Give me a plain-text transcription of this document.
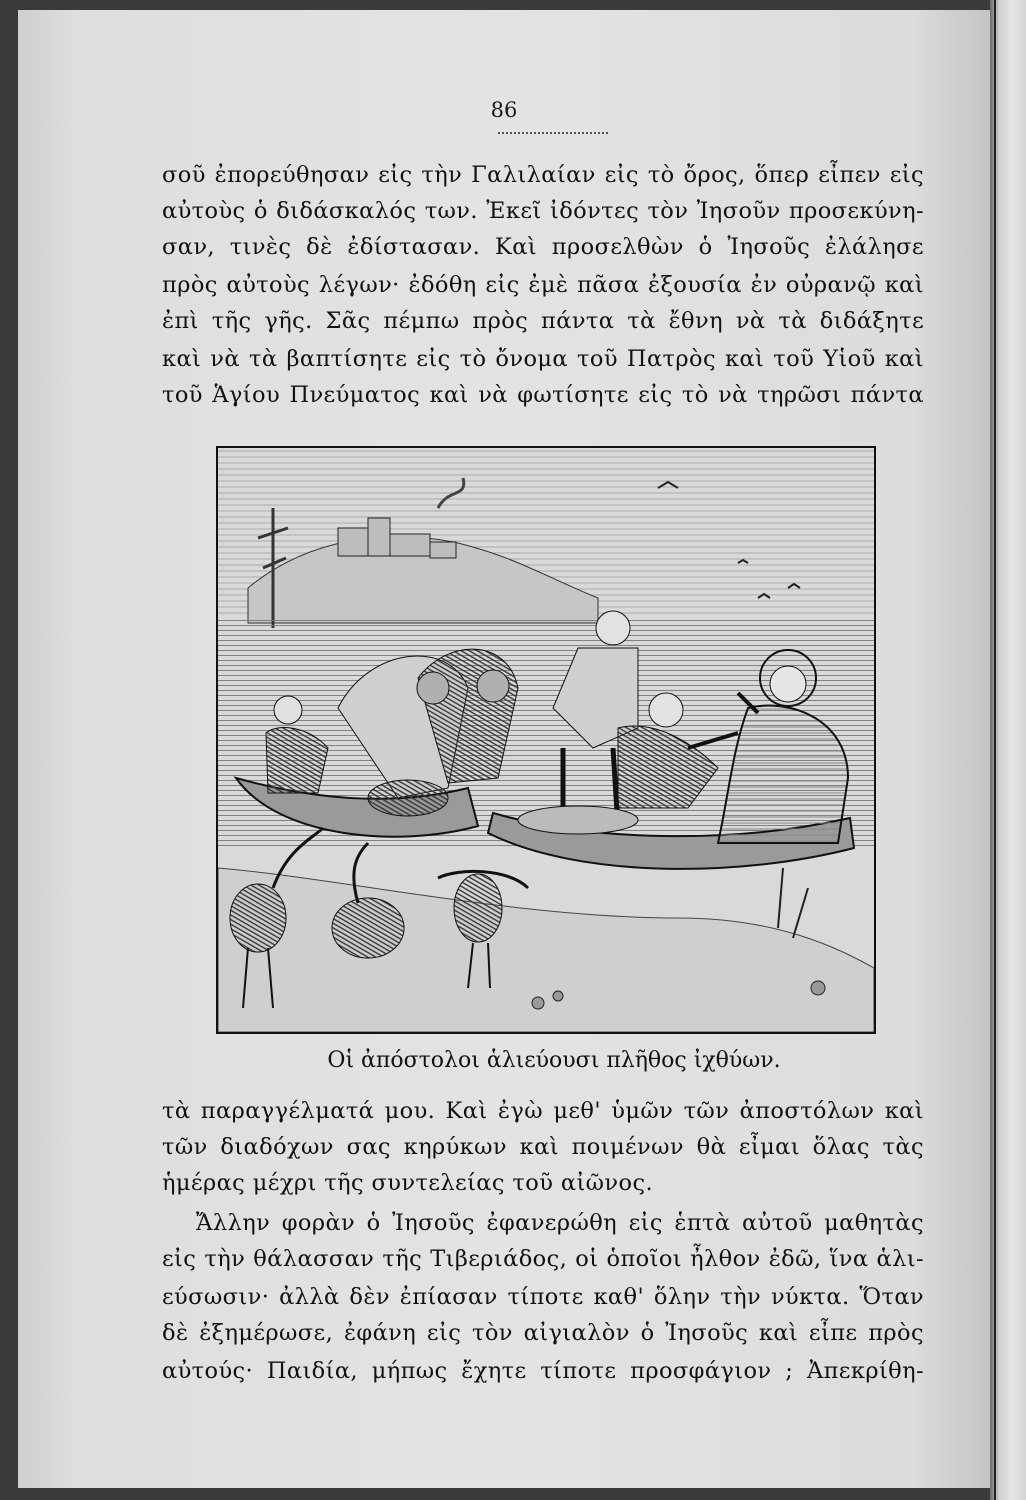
86
σοῦ ἐπορεύθησαν εἰς τὴν Γαλιλαίαν εἰς τὸ ὄρος, ὅπερ εἶπεν εἰς
αὐτοὺς ὁ διδάσκαλός των. Ἐκεῖ ἰδόντες τὸν Ἰησοῦν προσεκύνη-
σαν, τινὲς δὲ ἐδίστασαν. Καὶ προσελθὼν ὁ Ἰησοῦς ἐλάλησε
πρὸς αὐτοὺς λέγων· ἐδόθη εἰς ἐμὲ πᾶσα ἐξουσία ἐν οὐρανῷ καὶ
ἐπὶ τῆς γῆς. Σᾶς πέμπω πρὸς πάντα τὰ ἔθνη νὰ τὰ διδάξητε
καὶ νὰ τὰ βαπτίσητε εἰς τὸ ὄνομα τοῦ Πατρὸς καὶ τοῦ Υἱοῦ καὶ
τοῦ Ἁγίου Πνεύματος καὶ νὰ φωτίσητε εἰς τὸ νὰ τηρῶσι πάντα
Οἱ ἀπόστολοι ἁλιεύουσι πλῆθος ἰχθύων.
τὰ παραγγέλματά μου. Καὶ ἐγὼ μεθ' ὑμῶν τῶν ἀποστόλων καὶ
τῶν διαδόχων σας κηρύκων καὶ ποιμένων θὰ εἶμαι ὅλας τὰς
ἡμέρας μέχρι τῆς συντελείας τοῦ αἰῶνος.
Ἄλλην φορὰν ὁ Ἰησοῦς ἐφανερώθη εἰς ἑπτὰ αὐτοῦ μαθητὰς
εἰς τὴν θάλασσαν τῆς Τιβεριάδος, οἱ ὁποῖοι ἦλθον ἐδῶ, ἵνα ἁλι-
εύσωσιν· ἀλλὰ δὲν ἐπίασαν τίποτε καθ' ὅλην τὴν νύκτα. Ὅταν
δὲ ἐξημέρωσε, ἐφάνη εἰς τὸν αἰγιαλὸν ὁ Ἰησοῦς καὶ εἶπε πρὸς
αὐτούς· Παιδία, μήπως ἔχητε τίποτε προσφάγιον ; Ἀπεκρίθη-
